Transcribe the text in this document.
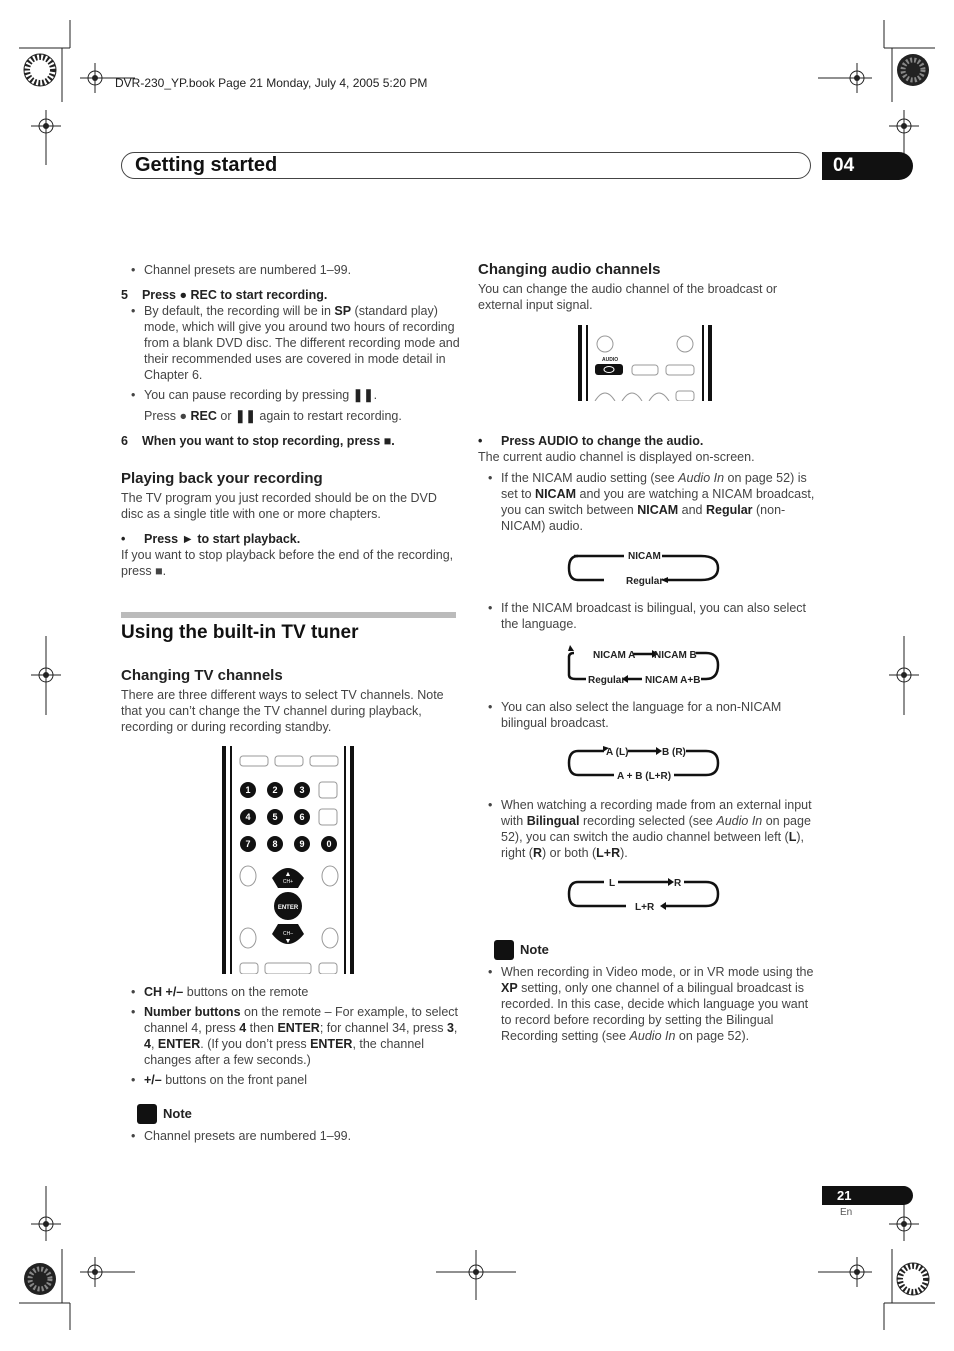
DVR-230_YP.book Page 21 Monday, July 4, 2005 5:20 PM
Getting started	04

• Channel presets are numbered 1–99.

5 Press ● REC to start recording.

• By default, the recording will be in SP (standard play) mode, which will give you around two hours of recording from a blank DVD disc. The different recording mode and their recommended uses are covered in mode detail in Chapter 6.

• You can pause recording by pressing ❚❚.

Press ● REC or ❚❚ again to restart recording.

6 When you want to stop recording, press ■.

Playing back your recording

The TV program you just recorded should be on the DVD disc as a single title with one or more chapters.

• Press ► to start playback.

If you want to stop playback before the end of the recording, press ■.

Using the built-in TV tuner
Changing TV channels

There are three different ways to select TV channels. Note that you can’t change the TV channel during playback, recording or during recording standby.

1 2 3
4 5 6
7 8 9 0
ENTER
CH+
CH–
▲
▼

• CH +/– buttons on the remote

• Number buttons on the remote – For example, to select channel 4, press 4 then ENTER; for channel 34, press 3, 4, ENTER. (If you don’t press ENTER, the channel changes after a few seconds.)

• +/– buttons on the front panel

Note

• Channel presets are numbered 1–99.

Changing audio channels

You can change the audio channel of the broadcast or external input signal.

AUDIO

• Press AUDIO to change the audio.

The current audio channel is displayed on-screen.

• If the NICAM audio setting (see Audio In on page 52) is set to NICAM and you are watching a NICAM broadcast, you can switch between NICAM and Regular (non-NICAM) audio.

NICAM
Regular

• If the NICAM broadcast is bilingual, you can also select the language.

NICAM A NICAM B
Regular NICAM A+B

• You can also select the language for a non-NICAM bilingual broadcast.

A (L)	B (R)
A + B (L+R)

• When watching a recording made from an external input with Bilingual recording selected (see Audio In on page 52), you can switch the audio channel between left (L), right (R) or both (L+R).

L	R
L+R

Note

• When recording in Video mode, or in VR mode using the XP setting, only one channel of a bilingual broadcast is recorded. In this case, decide which language you want to record before recording by setting the Bilingual Recording setting (see Audio In on page 52).

21
En
